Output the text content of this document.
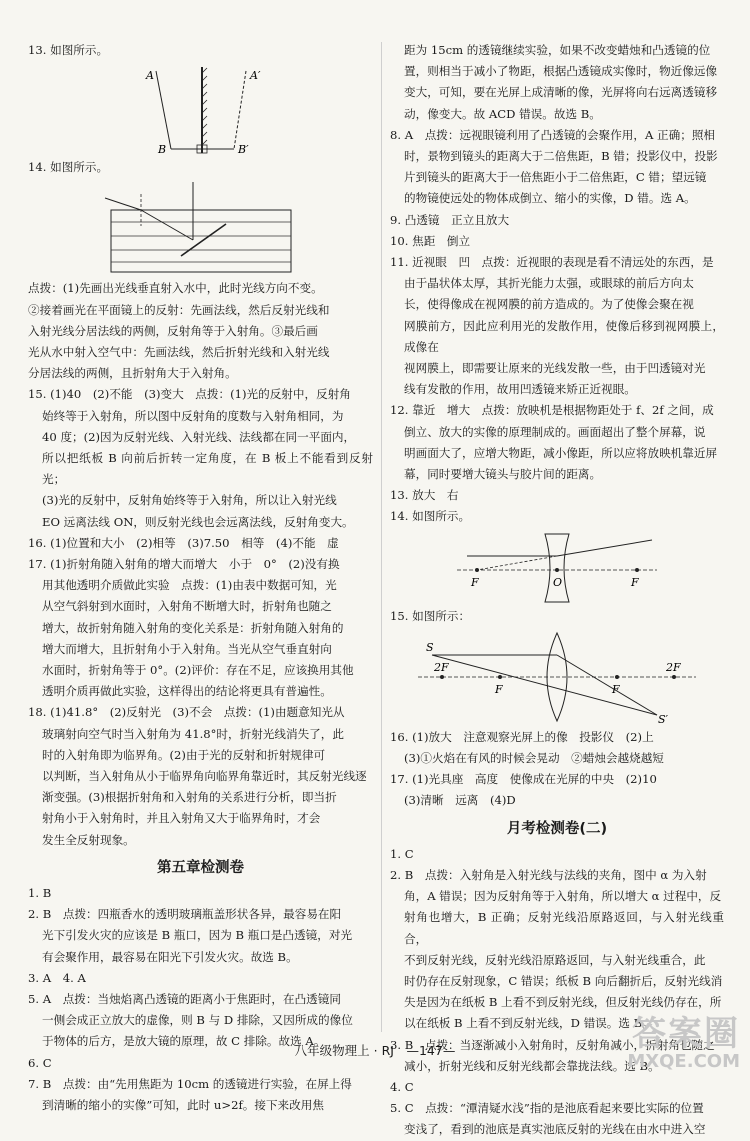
13. 如图所示。

A	A′
B	B′

14. 如图所示。

点拨：(1)先画出光线垂直射入水中，此时光线方向不变。

②接着画光在平面镜上的反射：先画法线，然后反射光线和

入射光线分居法线的两侧，反射角等于入射角。③最后画

光从水中射入空气中：先画法线，然后折射光线和入射光线

分居法线的两侧，且折射角大于入射角。

15. (1)40　(2)不能　(3)变大　点拨：(1)光的反射中，反射角

始终等于入射角，所以图中反射角的度数与入射角相同，为

40 度；(2)因为反射光线、入射光线、法线都在同一平面内，

所以把纸板 B 向前后折转一定角度，在 B 板上不能看到反射光；

(3)光的反射中，反射角始终等于入射角，所以让入射光线

EO 远离法线 ON，则反射光线也会远离法线，反射角变大。

16. (1)位置和大小　(2)相等　(3)7.50　相等　(4)不能　虚

17. (1)折射角随入射角的增大而增大　小于　0°　(2)没有换

用其他透明介质做此实验　点拨：(1)由表中数据可知，光

从空气斜射到水面时，入射角不断增大时，折射角也随之

增大，故折射角随入射角的变化关系是：折射角随入射角的

增大而增大，且折射角小于入射角。当光从空气垂直射向

水面时，折射角等于 0°。(2)评价：存在不足，应该换用其他

透明介质再做此实验，这样得出的结论将更具有普遍性。

18. (1)41.8°　(2)反射光　(3)不会　点拨：(1)由题意知光从

玻璃射向空气时当入射角为 41.8°时，折射光线消失了，此

时的入射角即为临界角。(2)由于光的反射和折射规律可

以判断，当入射角从小于临界角向临界角靠近时，其反射光线逐

渐变强。(3)根据折射角和入射角的关系进行分析，即当折

射角小于入射角时，并且入射角又大于临界角时，才会

发生全反射现象。

第五章检测卷

1. B

2. B　点拨：四瓶香水的透明玻璃瓶盖形状各异，最容易在阳

光下引发火灾的应该是 B 瓶口，因为 B 瓶口是凸透镜，对光

有会聚作用，最容易在阳光下引发火灾。故选 B。

3. A　4. A

5. A　点拨：当烛焰离凸透镜的距离小于焦距时，在凸透镜同

一侧会成正立放大的虚像，则 B 与 D 排除，又因所成的像位

于物体的后方，是放大镜的原理，故 C 排除。故选 A。

6. C

7. B　点拨：由“先用焦距为 10cm 的透镜进行实验，在屏上得

到清晰的缩小的实像”可知，此时 u>2f。接下来改用焦

距为 15cm 的透镜继续实验，如果不改变蜡烛和凸透镜的位

置，则相当于减小了物距，根据凸透镜成实像时，物近像远像

变大，可知，要在光屏上成清晰的像，光屏将向右远离透镜移

动，像变大。故 ACD 错误。故选 B。

8. A　点拨：远视眼镜利用了凸透镜的会聚作用，A 正确；照相

时，景物到镜头的距离大于二倍焦距，B 错；投影仪中，投影

片到镜头的距离大于一倍焦距小于二倍焦距，C 错；望远镜

的物镜使远处的物体成倒立、缩小的实像，D 错。选 A。

9. 凸透镜　正立且放大

10. 焦距　倒立

11. 近视眼　凹　点拨：近视眼的表现是看不清远处的东西，是

由于晶状体太厚，其折光能力太强，或眼球的前后方向太

长，使得像成在视网膜的前方造成的。为了使像会聚在视

网膜前方，因此应利用光的发散作用，使像后移到视网膜上，成像在

视网膜上，即需要让原来的光线发散一些，由于凹透镜对光

线有发散的作用，故用凹透镜来矫正近视眼。

12. 靠近　增大　点拨：放映机是根据物距处于 f、2f 之间，成

倒立、放大的实像的原理制成的。画面超出了整个屏幕，说

明画面大了，应增大物距，减小像距，所以应将放映机靠近屏

幕，同时要增大镜头与胶片间的距离。

13. 放大　右

14. 如图所示。

F	O	F

15. 如图所示：

S
S′
2F
F	F
2F

16. (1)放大　注意观察光屏上的像　投影仪　(2)上

(3)①火焰在有风的时候会晃动　②蜡烛会越烧越短

17. (1)光具座　高度　使像成在光屏的中央　(2)10

(3)清晰　远离　(4)D

月考检测卷(二)

1. C

2. B　点拨：入射角是入射光线与法线的夹角，图中 α 为入射

角，A 错误；因为反射角等于入射角，所以增大 α 过程中，反

射角也增大，B 正确；反射光线沿原路返回，与入射光线重合，

不到反射光线，反射光线沿原路返回，与入射光线重合，此

时仍存在反射现象，C 错误；纸板 B 向后翻折后，反射光线消

失是因为在纸板 B 上看不到反射光线，但反射光线仍存在，所

以在纸板 B 上看不到反射光线，D 错误。选 B。

3. B　点拨：当逐渐减小入射角时，反射角减小，折射角也随之

减小，折射光线和反射光线都会靠拢法线。选 B。

4. C

5. C　点拨：“潭清疑水浅”指的是池底看起来要比实际的位置

变浅了，看到的池底是真实池底反射的光线在由水中进入空

八年级物理上 · RJ　—147—	答案圈
MXQE.COM
